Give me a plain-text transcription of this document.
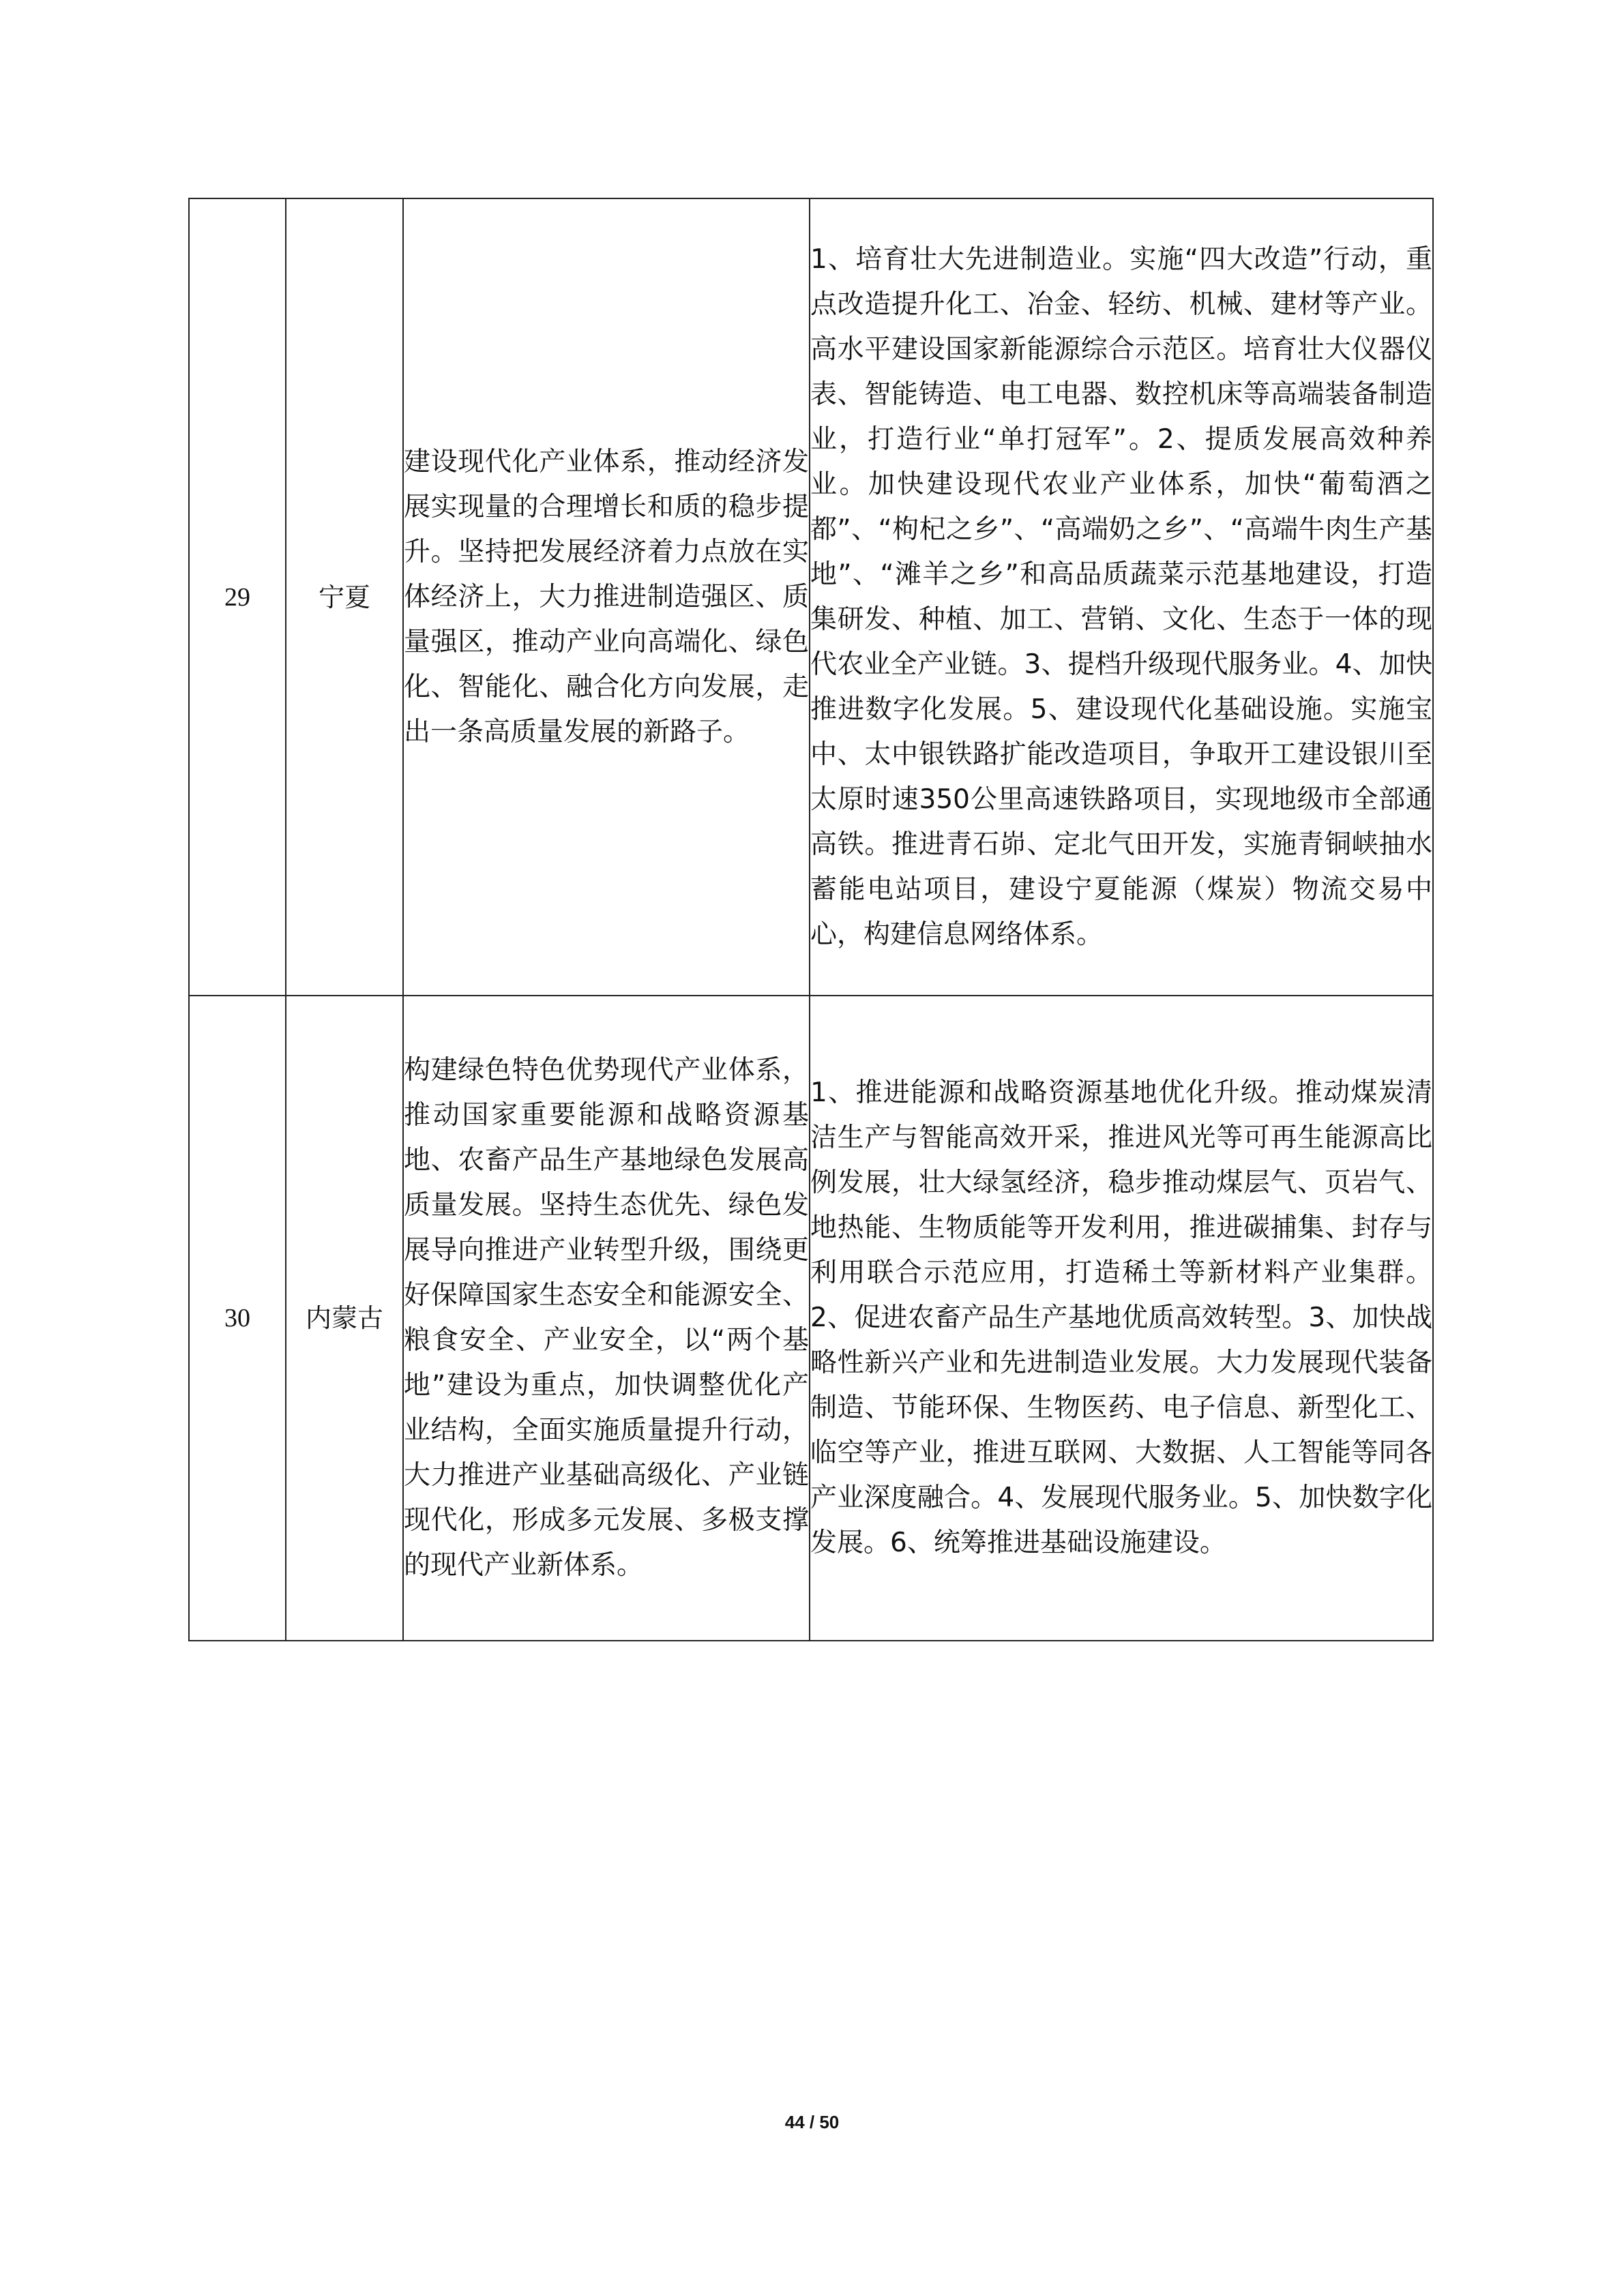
29	宁夏	建设现代化产业体系，推动经济发展实现量的合理增长和质的稳步提升。坚持把发展经济着力点放在实体经济上，大力推进制造强区、质量强区，推动产业向高端化、绿色化、智能化、融合化方向发展，走出一条高质量发展的新路子。	1、培育壮大先进制造业。实施“四大改造”行动，重点改造提升化工、冶金、轻纺、机械、建材等产业。高水平建设国家新能源综合示范区。培育壮大仪器仪表、智能铸造、电工电器、数控机床等高端装备制造业，打造行业“单打冠军”。2、提质发展高效种养业。加快建设现代农业产业体系，加快“葡萄酒之都”、“枸杞之乡”、“高端奶之乡”、“高端牛肉生产基地”、“滩羊之乡”和高品质蔬菜示范基地建设，打造集研发、种植、加工、营销、文化、生态于一体的现代农业全产业链。3、提档升级现代服务业。4、加快推进数字化发展。5、建设现代化基础设施。实施宝中、太中银铁路扩能改造项目，争取开工建设银川至太原时速350公里高速铁路项目，实现地级市全部通高铁。推进青石峁、定北气田开发，实施青铜峡抽水蓄能电站项目，建设宁夏能源（煤炭）物流交易中心，构建信息网络体系。
30	内蒙古	构建绿色特色优势现代产业体系，推动国家重要能源和战略资源基地、农畜产品生产基地绿色发展高质量发展。坚持生态优先、绿色发展导向推进产业转型升级，围绕更好保障国家生态安全和能源安全、粮食安全、产业安全，以“两个基地”建设为重点，加快调整优化产业结构，全面实施质量提升行动，大力推进产业基础高级化、产业链现代化，形成多元发展、多极支撑的现代产业新体系。	1、推进能源和战略资源基地优化升级。推动煤炭清洁生产与智能高效开采，推进风光等可再生能源高比例发展，壮大绿氢经济，稳步推动煤层气、页岩气、地热能、生物质能等开发利用，推进碳捕集、封存与利用联合示范应用，打造稀土等新材料产业集群。2、促进农畜产品生产基地优质高效转型。3、加快战略性新兴产业和先进制造业发展。大力发展现代装备制造、节能环保、生物医药、电子信息、新型化工、临空等产业，推进互联网、大数据、人工智能等同各产业深度融合。4、发展现代服务业。5、加快数字化发展。6、统筹推进基础设施建设。
44 / 50
